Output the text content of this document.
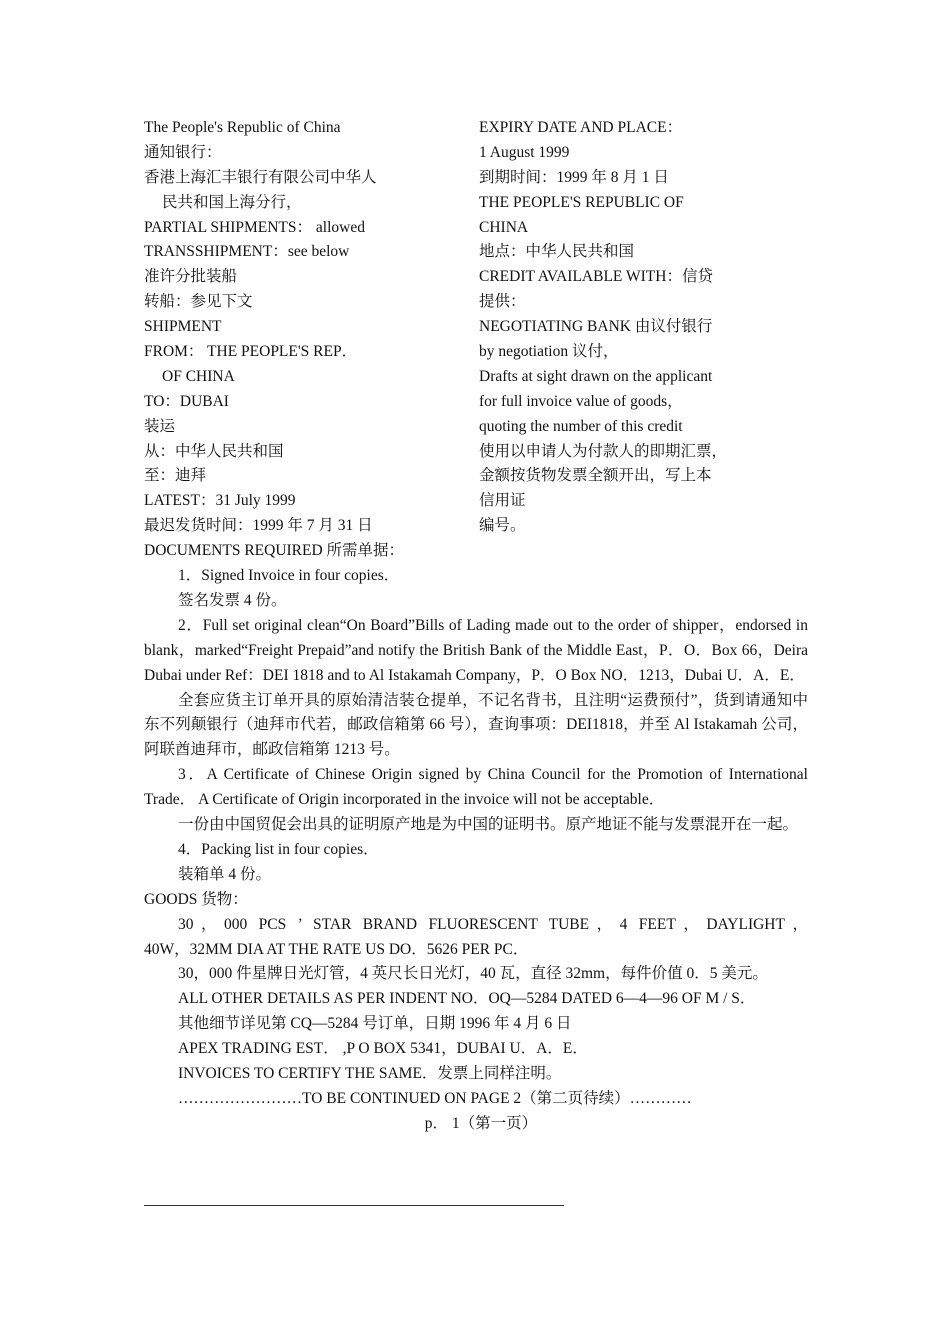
The People's Republic of China
通知银行：
香港上海汇丰银行有限公司中华人
民共和国上海分行，
PARTIAL SHIPMENTS： allowed
TRANSSHIPMENT：see below
准许分批装船
转船：参见下文
SHIPMENT
FROM： THE PEOPLE'S REP．
OF CHINA
TO：DUBAI
装运
从：中华人民共和国
至：迪拜
LATEST：31 July 1999
最迟发货时间：1999 年 7 月 31 日
DOCUMENTS REQUIRED 所需单据：
EXPIRY DATE AND PLACE：
1 August 1999
到期时间：1999 年 8 月 1 日
THE PEOPLE'S REPUBLIC OF
CHINA
地点：中华人民共和国
CREDIT AVAILABLE WITH：信贷
提供：
NEGOTIATING BANK 由议付银行
by negotiation 议付，
Drafts at sight drawn on the applicant
for full invoice value of goods，
quoting the number of this credit
使用以申请人为付款人的即期汇票，
金额按货物发票全额开出，写上本
信用证
编号。
1．Signed Invoice in four copies．
签名发票 4 份。
2．Full set original clean“On Board”Bills of Lading made out to the order of shipper，endorsed in blank，marked“Freight Prepaid”and notify the British Bank of the Middle East，P．O．Box 66，Deira Dubai under Ref：DEI 1818 and to Al Istakamah Company，P．O Box NO．1213，Dubai U．A．E．
全套应货主订单开具的原始清洁装仓提单，不记名背书，且注明“运费预付”，货到请通知中东不列颠银行（迪拜市代若，邮政信箱第 66 号），查询事项：DEI1818，并至 Al Istakamah 公司，阿联酋迪拜市，邮政信箱第 1213 号。
3．A Certificate of Chinese Origin signed by China Council for the Promotion of International Trade． A Certificate of Origin incorporated in the invoice will not be acceptable．
一份由中国贸促会出具的证明原产地是为中国的证明书。原产地证不能与发票混开在一起。
4．Packing list in four copies．
装箱单 4 份。
GOODS 货物：
30，000 PCS ’ STAR BRAND FLUORESCENT TUBE，4 FEET，DAYLIGHT，
40W，32MM DIA AT THE RATE US DO．5626 PER PC．
30，000 件星牌日光灯管，4 英尺长日光灯，40 瓦，直径 32mm，每件价值 0．5 美元。
ALL OTHER DETAILS AS PER INDENT NO．OQ—5284 DATED 6—4—96 OF M / S．
其他细节详见第 CQ—5284 号订单，日期 1996 年 4 月 6 日
APEX TRADING EST． ,P O BOX 5341，DUBAI U．A．E．
INVOICES TO CERTIFY THE SAME．发票上同样注明。
……………………TO BE CONTINUED ON PAGE 2（第二页待续）…………
p． 1（第一页）
